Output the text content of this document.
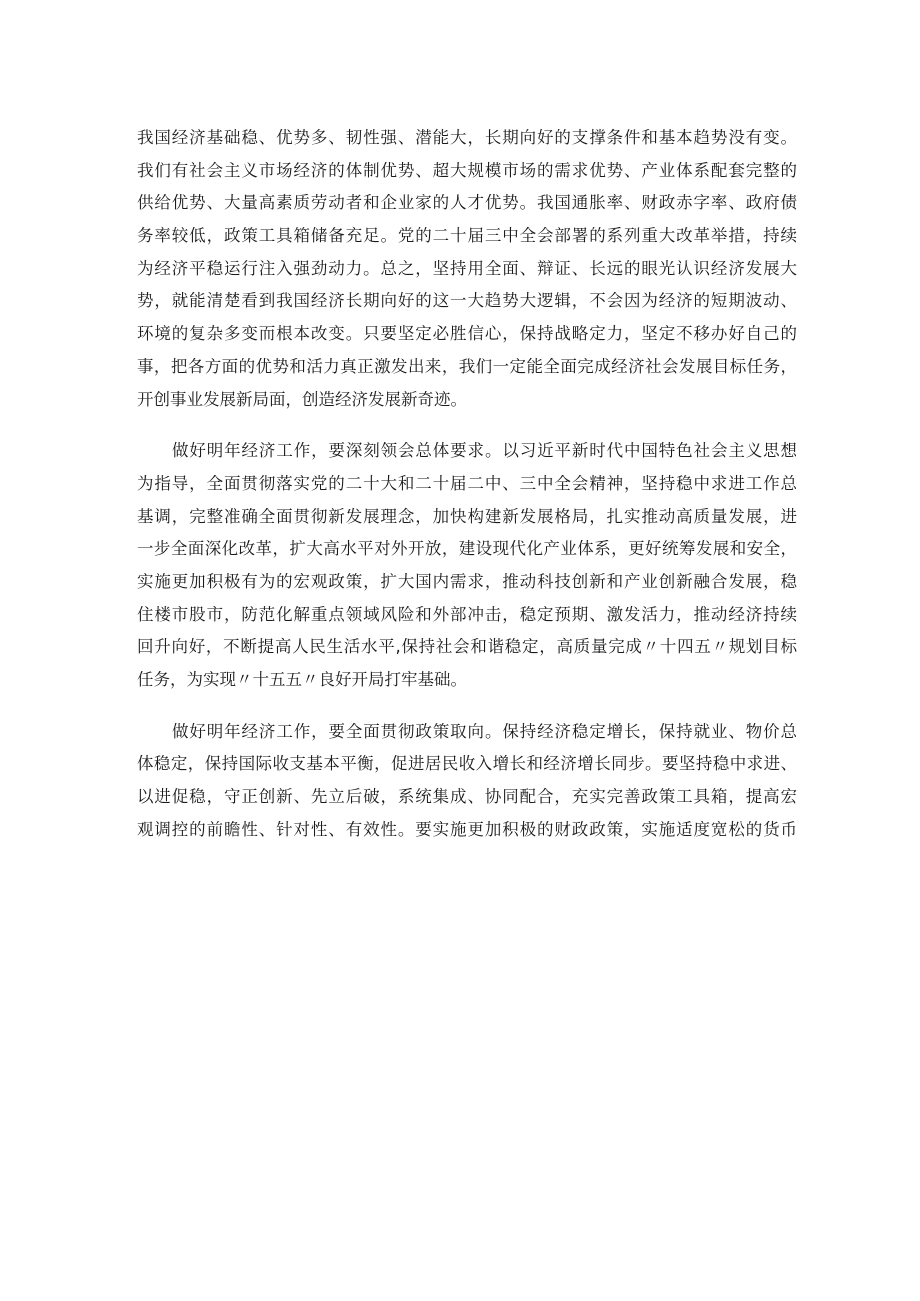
我国经济基础稳、优势多、韧性强、潜能大，长期向好的支撑条件和基本趋势没有变。
我们有社会主义市场经济的体制优势、超大规模市场的需求优势、产业体系配套完整的
供给优势、大量高素质劳动者和企业家的人才优势。我国通胀率、财政赤字率、政府债
务率较低，政策工具箱储备充足。党的二十届三中全会部署的系列重大改革举措，持续
为经济平稳运行注入强劲动力。总之，坚持用全面、辩证、长远的眼光认识经济发展大
势，就能清楚看到我国经济长期向好的这一大趋势大逻辑，不会因为经济的短期波动、
环境的复杂多变而根本改变。只要坚定必胜信心，保持战略定力，坚定不移办好自己的
事，把各方面的优势和活力真正激发出来，我们一定能全面完成经济社会发展目标任务，
开创事业发展新局面，创造经济发展新奇迹。
做好明年经济工作，要深刻领会总体要求。以习近平新时代中国特色社会主义思想
为指导，全面贯彻落实党的二十大和二十届二中、三中全会精神，坚持稳中求进工作总
基调，完整准确全面贯彻新发展理念，加快构建新发展格局，扎实推动高质量发展，进
一步全面深化改革，扩大高水平对外开放，建设现代化产业体系，更好统筹发展和安全，
实施更加积极有为的宏观政策，扩大国内需求，推动科技创新和产业创新融合发展，稳
住楼市股市，防范化解重点领域风险和外部冲击，稳定预期、激发活力，推动经济持续
回升向好，不断提高人民生活水平,保持社会和谐稳定，高质量完成〃十四五〃规划目标
任务，为实现〃十五五〃良好开局打牢基础。
做好明年经济工作，要全面贯彻政策取向。保持经济稳定增长，保持就业、物价总
体稳定，保持国际收支基本平衡，促进居民收入增长和经济增长同步。要坚持稳中求进、
以进促稳，守正创新、先立后破，系统集成、协同配合，充实完善政策工具箱，提高宏
观调控的前瞻性、针对性、有效性。要实施更加积极的财政政策，实施适度宽松的货币
